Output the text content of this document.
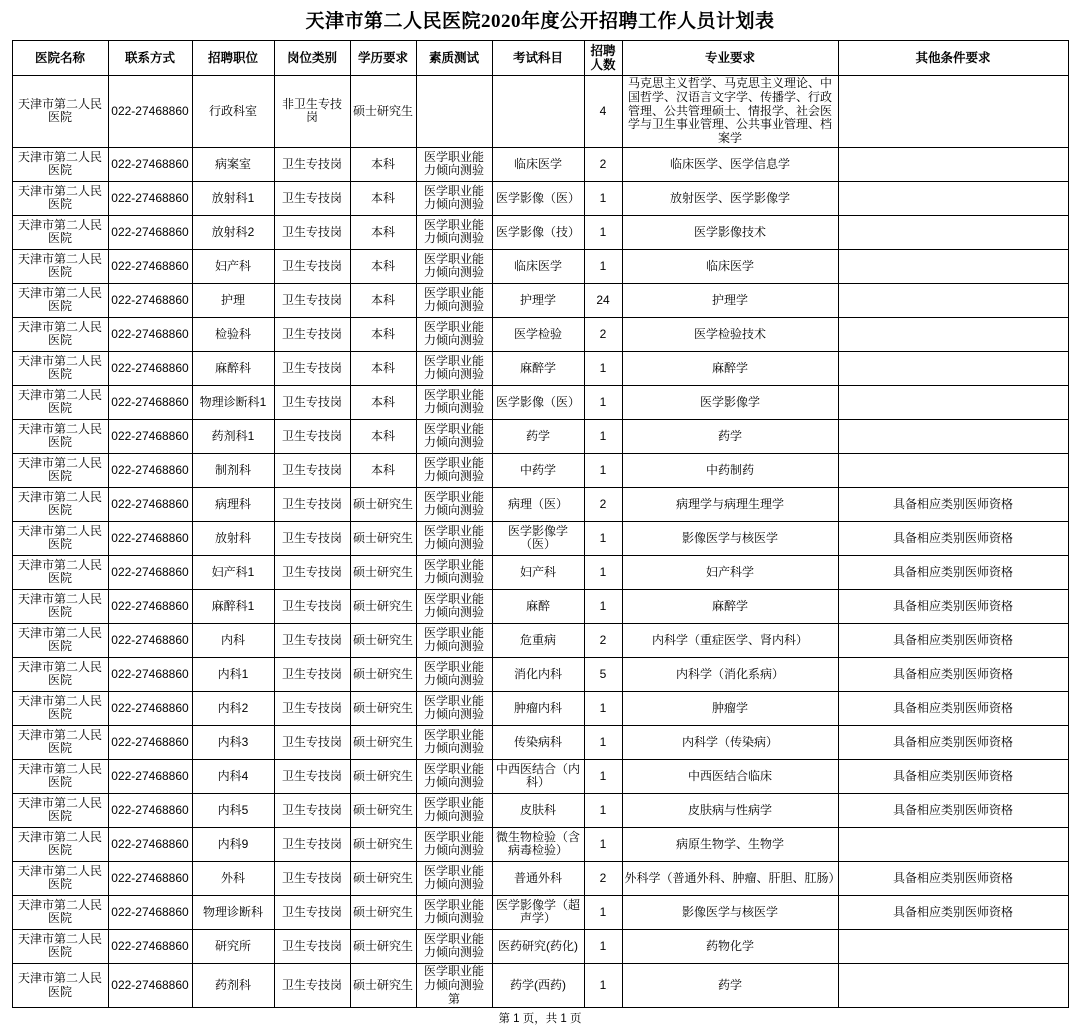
天津市第二人民医院2020年度公开招聘工作人员计划表
医院名称	联系方式	招聘职位	岗位类别	学历要求	素质测试	考试科目	招聘人数	专业要求	其他条件要求
天津市第二人民医院	022-27468860	行政科室	非卫生专技岗	硕士研究生			4	马克思主义哲学、马克思主义理论、中国哲学、汉语言文字学、传播学、行政管理、公共管理硕士、情报学、社会医学与卫生事业管理、公共事业管理、档案学	
天津市第二人民医院	022-27468860	病案室	卫生专技岗	本科	医学职业能力倾向测验	临床医学	2	临床医学、医学信息学	
天津市第二人民医院	022-27468860	放射科1	卫生专技岗	本科	医学职业能力倾向测验	医学影像（医）	1	放射医学、医学影像学	
天津市第二人民医院	022-27468860	放射科2	卫生专技岗	本科	医学职业能力倾向测验	医学影像（技）	1	医学影像技术	
天津市第二人民医院	022-27468860	妇产科	卫生专技岗	本科	医学职业能力倾向测验	临床医学	1	临床医学	
天津市第二人民医院	022-27468860	护理	卫生专技岗	本科	医学职业能力倾向测验	护理学	24	护理学	
天津市第二人民医院	022-27468860	检验科	卫生专技岗	本科	医学职业能力倾向测验	医学检验	2	医学检验技术	
天津市第二人民医院	022-27468860	麻醉科	卫生专技岗	本科	医学职业能力倾向测验	麻醉学	1	麻醉学	
天津市第二人民医院	022-27468860	物理诊断科1	卫生专技岗	本科	医学职业能力倾向测验	医学影像（医）	1	医学影像学	
天津市第二人民医院	022-27468860	药剂科1	卫生专技岗	本科	医学职业能力倾向测验	药学	1	药学	
天津市第二人民医院	022-27468860	制剂科	卫生专技岗	本科	医学职业能力倾向测验	中药学	1	中药制药	
天津市第二人民医院	022-27468860	病理科	卫生专技岗	硕士研究生	医学职业能力倾向测验	病理（医）	2	病理学与病理生理学	具备相应类别医师资格
天津市第二人民医院	022-27468860	放射科	卫生专技岗	硕士研究生	医学职业能力倾向测验	医学影像学（医）	1	影像医学与核医学	具备相应类别医师资格
天津市第二人民医院	022-27468860	妇产科1	卫生专技岗	硕士研究生	医学职业能力倾向测验	妇产科	1	妇产科学	具备相应类别医师资格
天津市第二人民医院	022-27468860	麻醉科1	卫生专技岗	硕士研究生	医学职业能力倾向测验	麻醉	1	麻醉学	具备相应类别医师资格
天津市第二人民医院	022-27468860	内科	卫生专技岗	硕士研究生	医学职业能力倾向测验	危重病	2	内科学（重症医学、肾内科）	具备相应类别医师资格
天津市第二人民医院	022-27468860	内科1	卫生专技岗	硕士研究生	医学职业能力倾向测验	消化内科	5	内科学（消化系病）	具备相应类别医师资格
天津市第二人民医院	022-27468860	内科2	卫生专技岗	硕士研究生	医学职业能力倾向测验	肿瘤内科	1	肿瘤学	具备相应类别医师资格
天津市第二人民医院	022-27468860	内科3	卫生专技岗	硕士研究生	医学职业能力倾向测验	传染病科	1	内科学（传染病）	具备相应类别医师资格
天津市第二人民医院	022-27468860	内科4	卫生专技岗	硕士研究生	医学职业能力倾向测验	中西医结合（内科）	1	中西医结合临床	具备相应类别医师资格
天津市第二人民医院	022-27468860	内科5	卫生专技岗	硕士研究生	医学职业能力倾向测验	皮肤科	1	皮肤病与性病学	具备相应类别医师资格
天津市第二人民医院	022-27468860	内科9	卫生专技岗	硕士研究生	医学职业能力倾向测验	微生物检验（含病毒检验）	1	病原生物学、生物学	
天津市第二人民医院	022-27468860	外科	卫生专技岗	硕士研究生	医学职业能力倾向测验	普通外科	2	外科学（普通外科、肿瘤、肝胆、肛肠）	具备相应类别医师资格
天津市第二人民医院	022-27468860	物理诊断科	卫生专技岗	硕士研究生	医学职业能力倾向测验	医学影像学（超声学）	1	影像医学与核医学	具备相应类别医师资格
天津市第二人民医院	022-27468860	研究所	卫生专技岗	硕士研究生	医学职业能力倾向测验	医药研究(药化)	1	药物化学	
天津市第二人民医院	022-27468860	药剂科	卫生专技岗	硕士研究生	医学职业能力倾向测验第	药学(西药)	1	药学	
第 1 页，共 1 页
